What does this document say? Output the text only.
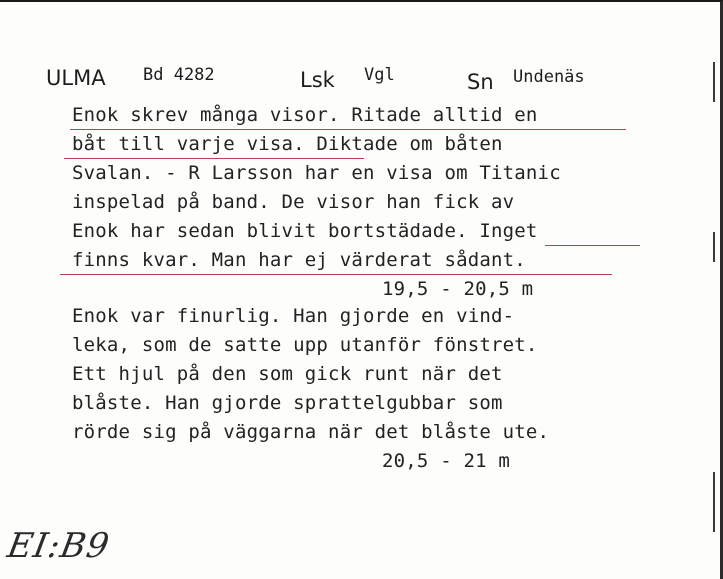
ULMA Bd 4282	Lsk Vgl	Sn Undenäs
Enok skrev många visor. Ritade alltid en
båt till varje visa. Diktade om båten
Svalan. - R Larsson har en visa om Titanic
inspelad på band. De visor han fick av
Enok har sedan blivit bortstädade. Inget
finns kvar. Man har ej värderat sådant.
19,5 - 20,5 m
Enok var finurlig. Han gjorde en vind-
leka, som de satte upp utanför fönstret.
Ett hjul på den som gick runt när det
blåste. Han gjorde sprattelgubbar som
rörde sig på väggarna när det blåste ute.
20,5 - 21 m
EI:B9
